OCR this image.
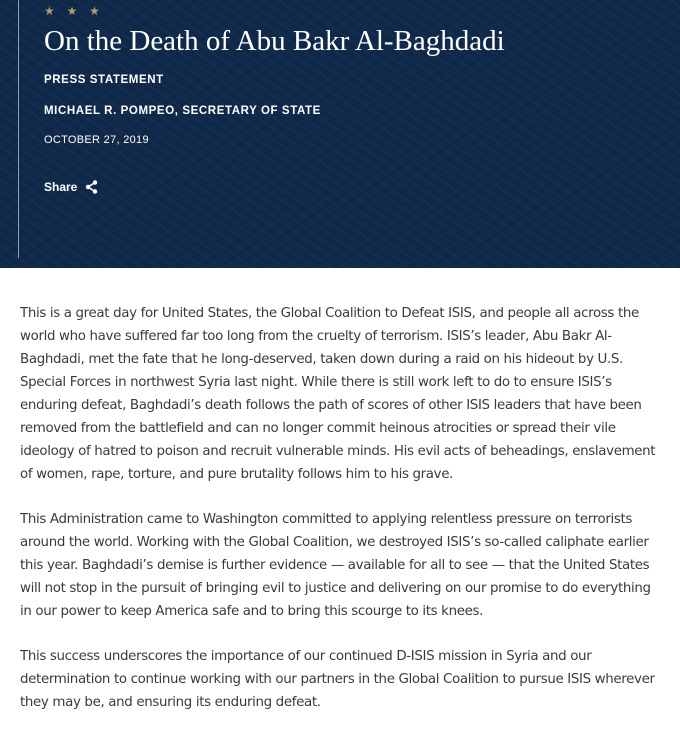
★ ★ ★
On the Death of Abu Bakr Al-Baghdadi
PRESS STATEMENT
MICHAEL R. POMPEO, SECRETARY OF STATE
OCTOBER 27, 2019
Share

This is a great day for United States, the Global Coalition to Defeat ISIS, and people all across the world who have suffered far too long from the cruelty of terrorism. ISIS’s leader, Abu Bakr Al-Baghdadi, met the fate that he long-deserved, taken down during a raid on his hideout by U.S. Special Forces in northwest Syria last night. While there is still work left to do to ensure ISIS’s enduring defeat, Baghdadi’s death follows the path of scores of other ISIS leaders that have been removed from the battlefield and can no longer commit heinous atrocities or spread their vile ideology of hatred to poison and recruit vulnerable minds. His evil acts of beheadings, enslavement of women, rape, torture, and pure brutality follows him to his grave.

This Administration came to Washington committed to applying relentless pressure on terrorists around the world. Working with the Global Coalition, we destroyed ISIS’s so-called caliphate earlier this year. Baghdadi’s demise is further evidence — available for all to see — that the United States will not stop in the pursuit of bringing evil to justice and delivering on our promise to do everything in our power to keep America safe and to bring this scourge to its knees.

This success underscores the importance of our continued D-ISIS mission in Syria and our determination to continue working with our partners in the Global Coalition to pursue ISIS wherever they may be, and ensuring its enduring defeat.
